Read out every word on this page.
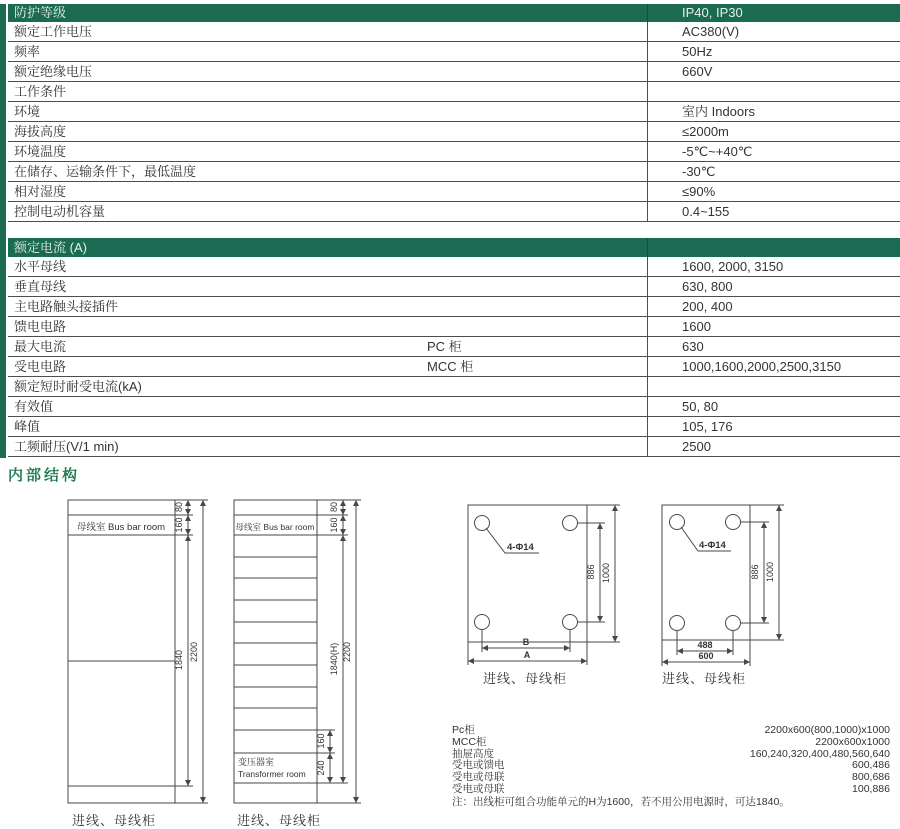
防护等级	IP40, IP30
额定工作电压	AC380(V)
频率	50Hz
额定绝缘电压	660V
工作条件
环境	室内 Indoors
海拔高度	≤2000m
环境温度	-5℃~+40℃
在储存、运输条件下，最低温度	-30℃
相对湿度	≤90%
控制电动机容量	0.4~155
额定电流 (A)
水平母线	1600, 2000, 3150
垂直母线	630, 800
主电路触头接插件	200, 400
馈电电路	1600
最大电流	PC 柜	630
受电电路	MCC 柜	1000,1600,2000,2500,3150
额定短时耐受电流(kA)
有效值	50, 80
峰值	105, 176
工频耐压(V/1 min)	2500
内部结构
母线室 Bus bar room
80
160
1840 2200
母线室 Bus bar room
变压器室
Transformer room
80
160
1840(H)
160
240
2200
4-Φ14
886 1000
B
A
4-Φ14
886 1000
488
600
进线、母线柜	进线、母线柜
进线、母线柜	进线、母线柜
Pc柜	2200x600(800,1000)x1000
MCC柜	2200x600x1000
抽屉高度	160,240,320,400,480,560,640
受电或馈电	600,486
受电或母联	800,686
受电或母联	100,886
注：出线柜可组合功能单元的H为1600，若不用公用电源时，可达1840。
